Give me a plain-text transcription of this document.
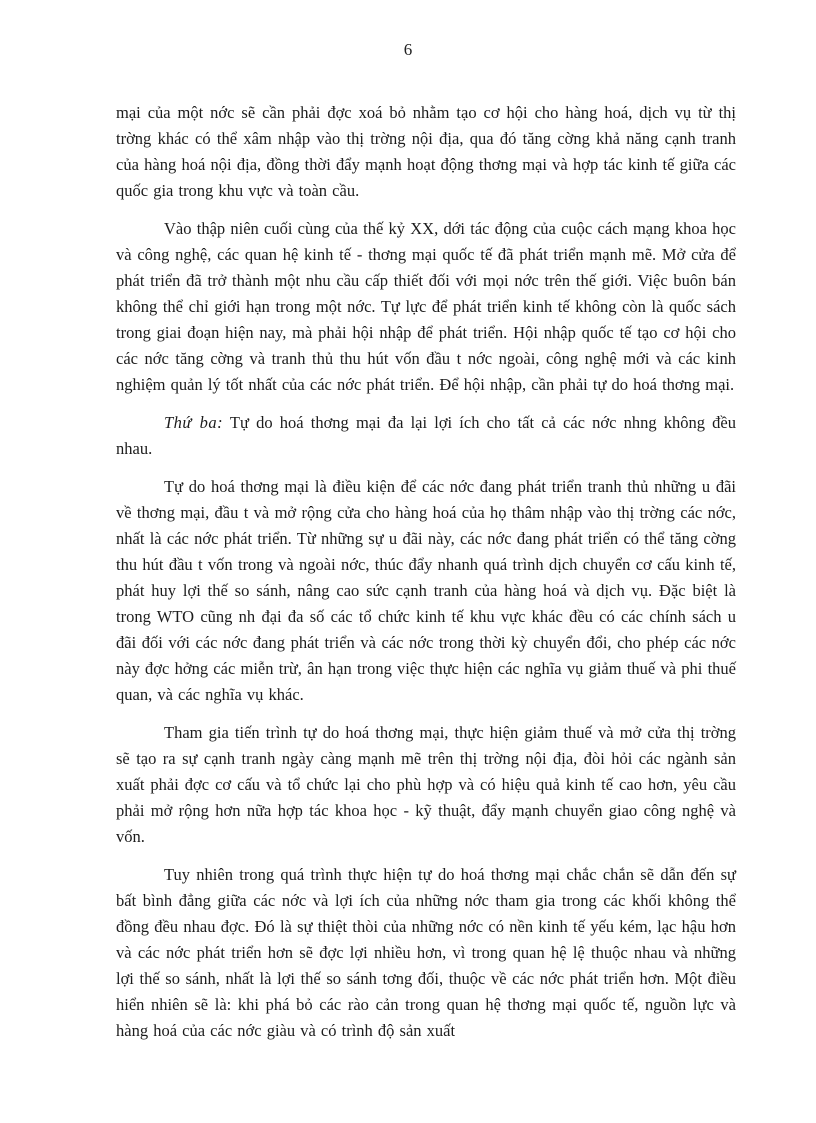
6

mại của một nớc sẽ cần phải đợc xoá bỏ nhằm tạo cơ hội cho hàng hoá, dịch vụ từ thị trờng khác có thể xâm nhập vào thị trờng nội địa, qua đó tăng cờng khả năng cạnh tranh của hàng hoá nội địa, đồng thời đẩy mạnh hoạt động thơng mại và hợp tác kinh tế giữa các quốc gia trong khu vực và toàn cầu.

Vào thập niên cuối cùng của thế kỷ XX, dới tác động của cuộc cách mạng khoa học và công nghệ, các quan hệ kinh tế - thơng mại quốc tế đã phát triển mạnh mẽ. Mở cửa để phát triển đã trở thành một nhu cầu cấp thiết đối với mọi nớc trên thế giới. Việc buôn bán không thể chỉ giới hạn trong một nớc. Tự lực để phát triển kinh tế không còn là quốc sách trong giai đoạn hiện nay, mà phải hội nhập để phát triển. Hội nhập quốc tế tạo cơ hội cho các nớc tăng cờng và tranh thủ thu hút vốn đầu t nớc ngoài, công nghệ mới và các kinh nghiệm quản lý tốt nhất của các nớc phát triển. Để hội nhập, cần phải tự do hoá thơng mại.

Thứ ba: Tự do hoá thơng mại đa lại lợi ích cho tất cả các nớc nhng không đều nhau.

Tự do hoá thơng mại là điều kiện để các nớc đang phát triển tranh thủ những u đãi về thơng mại, đầu t và mở rộng cửa cho hàng hoá của họ thâm nhập vào thị trờng các nớc, nhất là các nớc phát triển. Từ những sự u đãi này, các nớc đang phát triển có thể tăng cờng thu hút đầu t vốn trong và ngoài nớc, thúc đẩy nhanh quá trình dịch chuyển cơ cấu kinh tế, phát huy lợi thế so sánh, nâng cao sức cạnh tranh của hàng hoá và dịch vụ. Đặc biệt là trong WTO cũng nh đại đa số các tổ chức kinh tế khu vực khác đều có các chính sách u đãi đối với các nớc đang phát triển và các nớc trong thời kỳ chuyển đổi, cho phép các nớc này đợc hởng các miễn trừ, ân hạn trong việc thực hiện các nghĩa vụ giảm thuế và phi thuế quan, và các nghĩa vụ khác.

Tham gia tiến trình tự do hoá thơng mại, thực hiện giảm thuế và mở cửa thị trờng sẽ tạo ra sự cạnh tranh ngày càng mạnh mẽ trên thị trờng nội địa, đòi hỏi các ngành sản xuất phải đợc cơ cấu và tổ chức lại cho phù hợp và có hiệu quả kinh tế cao hơn, yêu cầu phải mở rộng hơn nữa hợp tác khoa học - kỹ thuật, đẩy mạnh chuyển giao công nghệ và vốn.

Tuy nhiên trong quá trình thực hiện tự do hoá thơng mại chắc chắn sẽ dẫn đến sự bất bình đẳng giữa các nớc và lợi ích của những nớc tham gia trong các khối không thể đồng đều nhau đợc. Đó là sự thiệt thòi của những nớc có nền kinh tế yếu kém, lạc hậu hơn và các nớc phát triển hơn sẽ đợc lợi nhiều hơn, vì trong quan hệ lệ thuộc nhau và những lợi thế so sánh, nhất là lợi thế so sánh tơng đối, thuộc về các nớc phát triển hơn. Một điều hiển nhiên sẽ là: khi phá bỏ các rào cản trong quan hệ thơng mại quốc tế, nguồn lực và hàng hoá của các nớc giàu và có trình độ sản xuất
